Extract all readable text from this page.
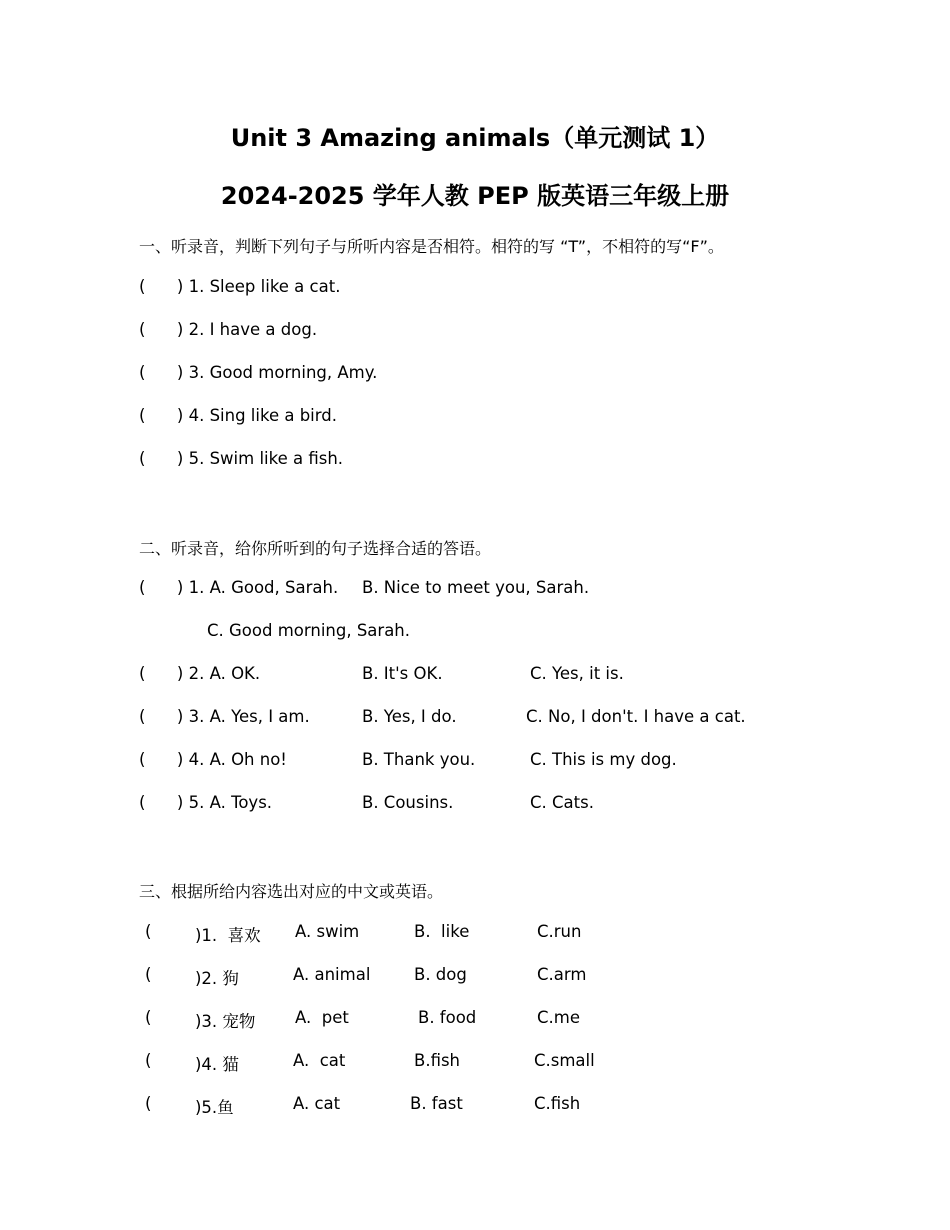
Unit 3 Amazing animals（单元测试 1）
2024-2025 学年人教 PEP 版英语三年级上册
一、听录音，判断下列句子与所听内容是否相符。相符的写 “T”，不相符的写“F”。
(      ) 1. Sleep like a cat.
(      ) 2. I have a dog.
(      ) 3. Good morning, Amy.
(      ) 4. Sing like a bird.
(      ) 5. Swim like a fish.
二、听录音，给你所听到的句子选择合适的答语。
(      ) 1. A. Good, Sarah. B. Nice to meet you, Sarah.
C. Good morning, Sarah.
(      ) 2. A. OK.	B. It's OK.	C. Yes, it is.
(      ) 3. A. Yes, I am.	B. Yes, I do.	C. No, I don't. I have a cat.
(      ) 4. A. Oh no!	B. Thank you.	C. This is my dog.
(      ) 5. A. Toys.	B. Cousins.	C. Cats.
三、根据所给内容选出对应的中文或英语。
(	)1.  喜欢 A. swim	B.  like	C.run
(	)2. 狗	A. animal	B. dog	C.arm
(	)3. 宠物 A.  pet	B. food	C.me
(	)4. 猫	A.  cat	B.fish	C.small
(	)5.鱼	A. cat	B. fast	C.fish
